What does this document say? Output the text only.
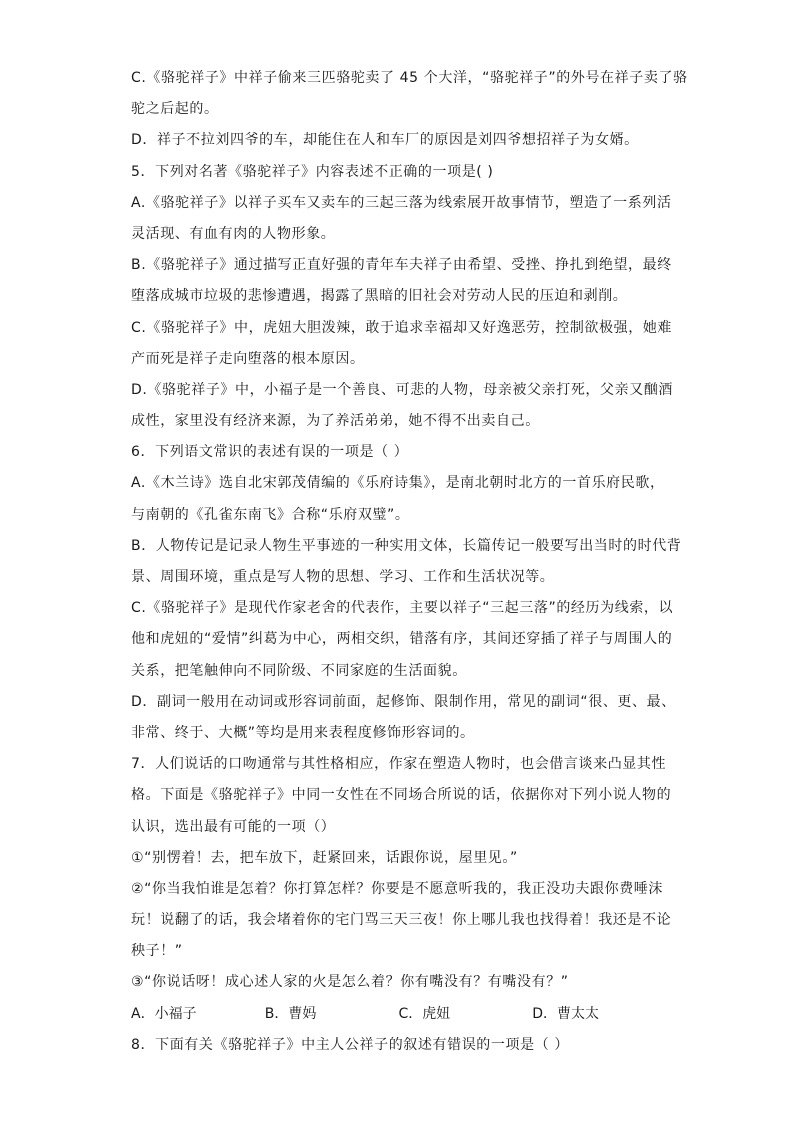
C.《骆驼祥子》中祥子偷来三匹骆驼卖了 45 个大洋，“骆驼祥子”的外号在祥子卖了骆
驼之后起的。
D．祥子不拉刘四爷的车，却能住在人和车厂的原因是刘四爷想招祥子为女婿。
5．下列对名著《骆驼祥子》内容表述不正确的一项是( )
A.《骆驼祥子》以祥子买车又卖车的三起三落为线索展开故事情节，塑造了一系列活
灵活现、有血有肉的人物形象。
B.《骆驼祥子》通过描写正直好强的青年车夫祥子由希望、受挫、挣扎到绝望，最终
堕落成城市垃圾的悲惨遭遇，揭露了黑暗的旧社会对劳动人民的压迫和剥削。
C.《骆驼祥子》中，虎妞大胆泼辣，敢于追求幸福却又好逸恶劳，控制欲极强，她难
产而死是祥子走向堕落的根本原因。
D.《骆驼祥子》中，小福子是一个善良、可悲的人物，母亲被父亲打死，父亲又酗酒
成性，家里没有经济来源，为了养活弟弟，她不得不出卖自己。
6．下列语文常识的表述有误的一项是（ ）
A.《木兰诗》选自北宋郭茂倩编的《乐府诗集》，是南北朝时北方的一首乐府民歌，
与南朝的《孔雀东南飞》合称“乐府双璧”。
B．人物传记是记录人物生平事迹的一种实用文体，长篇传记一般要写出当时的时代背
景、周围环境，重点是写人物的思想、学习、工作和生活状况等。
C.《骆驼祥子》是现代作家老舍的代表作，主要以祥子“三起三落”的经历为线索，以
他和虎妞的“爱情”纠葛为中心，两相交织，错落有序，其间还穿插了祥子与周围人的
关系，把笔触伸向不同阶级、不同家庭的生活面貌。
D．副词一般用在动词或形容词前面，起修饰、限制作用，常见的副词“很、更、最、
非常、终于、大概”等均是用来表程度修饰形容词的。
7．人们说话的口吻通常与其性格相应，作家在塑造人物时，也会借言谈来凸显其性
格。下面是《骆驼祥子》中同一女性在不同场合所说的话，依据你对下列小说人物的
认识，选出最有可能的一项（）
①“别愣着！去，把车放下，赶紧回来，话跟你说，屋里见。”
②“你当我怕谁是怎着？你打算怎样？你要是不愿意听我的，我正没功夫跟你费唾沫
玩！说翻了的话，我会堵着你的宅门骂三天三夜！你上哪儿我也找得着！我还是不论
秧子！”
③“你说话呀！成心述人家的火是怎么着？你有嘴没有？有嘴没有？”
A．小福子	B．曹妈	C．虎妞	D．曹太太
8．下面有关《骆驼祥子》中主人公祥子的叙述有错误的一项是（ ）
